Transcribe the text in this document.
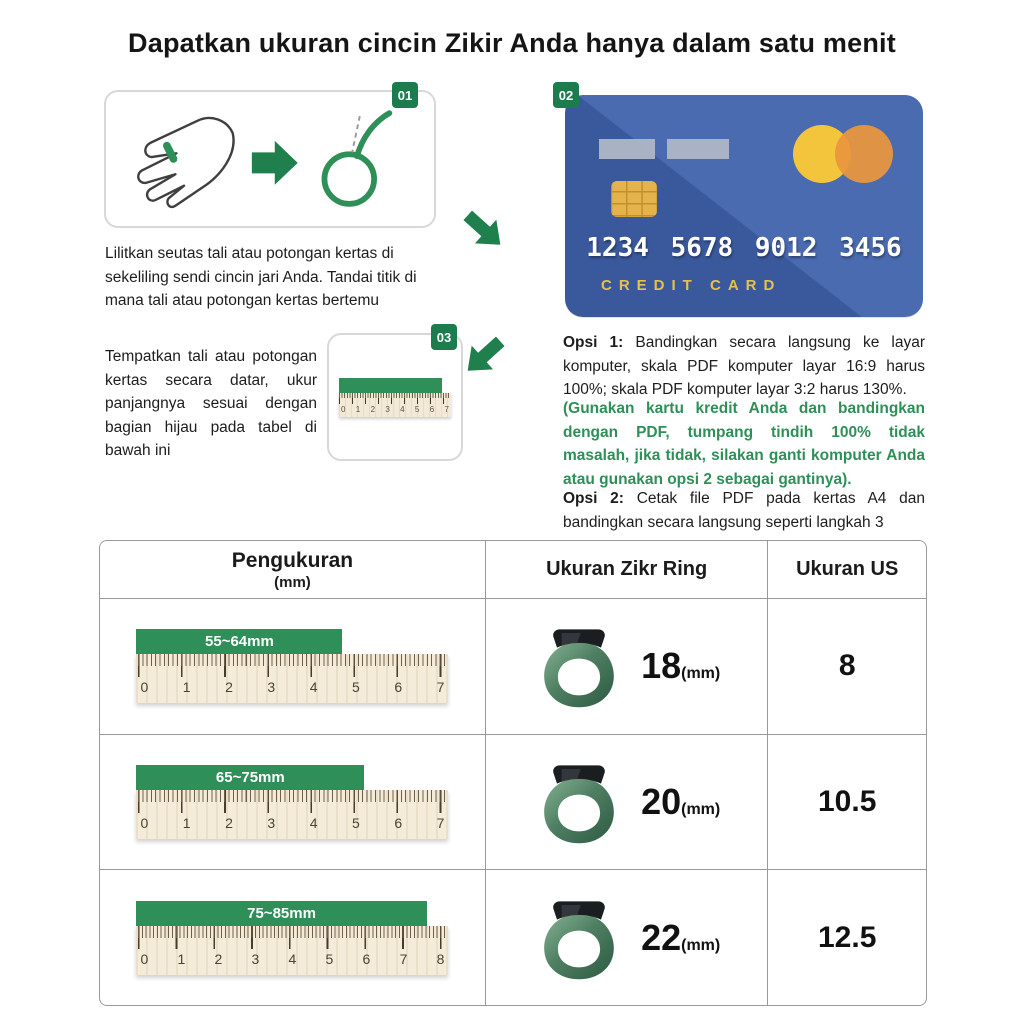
Dapatkan ukuran cincin Zikir Anda hanya dalam satu menit
01
Lilitkan seutas tali atau potongan kertas di sekeliling sendi cincin jari Anda. Tandai titik di mana tali atau potongan kertas bertemu
1234 5678 9012 3456
CREDIT CARD
02
Tempatkan tali atau potongan kertas secara datar, ukur panjangnya sesuai dengan bagian hijau pada tabel di bawah ini
0 1 2 3 4 5 6 7
03	Opsi 1: Bandingkan secara langsung ke layar komputer, skala PDF komputer layar 16:9 harus 100%; skala PDF komputer layar 3:2 harus 130%.
(Gunakan kartu kredit Anda dan bandingkan dengan PDF, tumpang tindih 100% tidak masalah, jika tidak, silakan ganti komputer Anda atau gunakan opsi 2 sebagai gantinya).
Opsi 2: Cetak file PDF pada kertas A4 dan bandingkan secara langsung seperti langkah 3
Pengukuran
(mm)
Ukuran Zikr Ring	Ukuran US
55~64mm
0 1 2 3 4 5 6 7
18 (mm)	8
65~75mm
0 1 2 3 4 5 6 7
20 (mm)	10.5
75~85mm
0 1 2 3 4 5 6 7 8
22 (mm)	12.5
